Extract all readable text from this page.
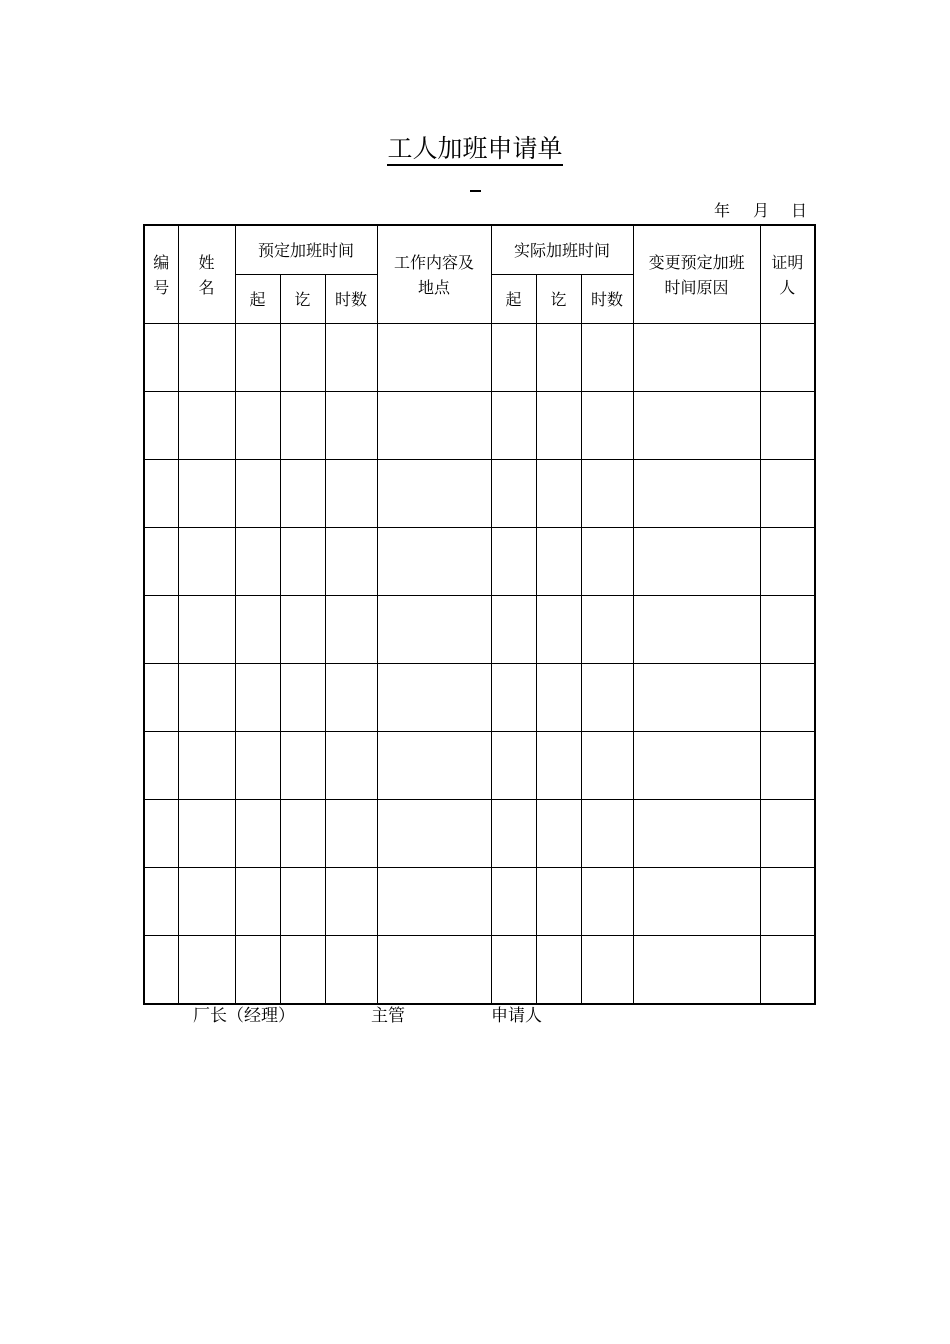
工人加班申请单
年 月 日
编号	姓名	预定加班时间			工作内容及地点	实际加班时间			变更预定加班时间原因	证明人
		起	讫	时数		起	讫	时数		

厂长（经理）	主管	申请人
